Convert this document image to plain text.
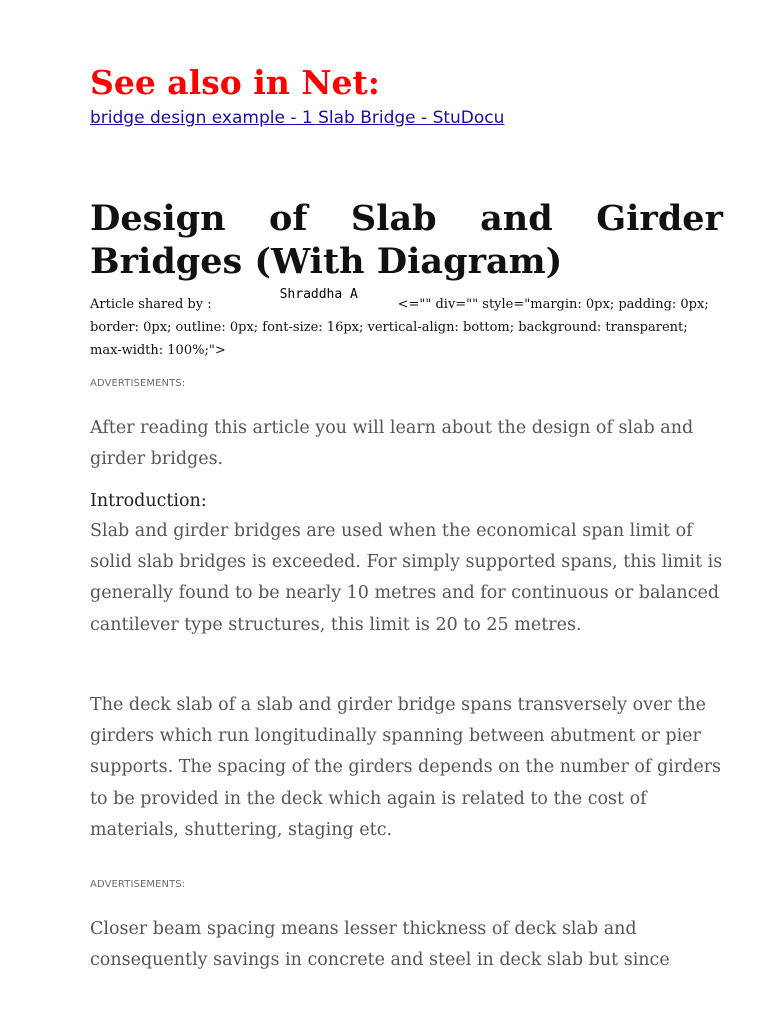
See also in Net:
bridge design example - 1 Slab Bridge - StuDocu
Design of Slab and Girder Bridges (With Diagram)
Article shared by :
Shraddha A
<="" div="" style="margin: 0px; padding: 0px; border: 0px; outline: 0px; font-size: 16px; vertical-align: bottom; background: transparent; max-width: 100%;">
ADVERTISEMENTS:

After reading this article you will learn about the design of slab and girder bridges.

Introduction:

Slab and girder bridges are used when the economical span limit of solid slab bridges is exceeded. For simply supported spans, this limit is generally found to be nearly 10 metres and for continuous or balanced cantilever type structures, this limit is 20 to 25 metres.

The deck slab of a slab and girder bridge spans transversely over the girders which run longitudinally spanning between abutment or pier supports. The spacing of the girders depends on the number of girders to be provided in the deck which again is related to the cost of materials, shuttering, staging etc.

ADVERTISEMENTS:

Closer beam spacing means lesser thickness of deck slab and consequently savings in concrete and steel in deck slab but since
